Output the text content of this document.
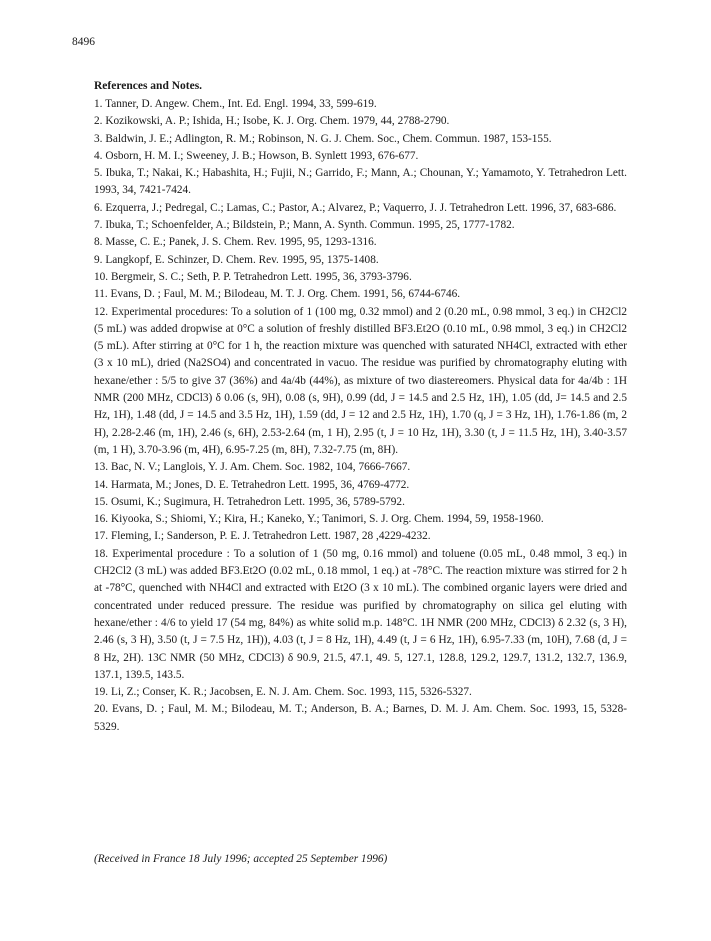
8496
References and Notes.
1. Tanner, D. Angew. Chem., Int. Ed. Engl. 1994, 33, 599-619.
2. Kozikowski, A. P.; Ishida, H.; Isobe, K. J. Org. Chem. 1979, 44, 2788-2790.
3. Baldwin, J. E.; Adlington, R. M.; Robinson, N. G. J. Chem. Soc., Chem. Commun. 1987, 153-155.
4. Osborn, H. M. I.; Sweeney, J. B.; Howson, B. Synlett 1993, 676-677.
5. Ibuka, T.; Nakai, K.; Habashita, H.; Fujii, N.; Garrido, F.; Mann, A.; Chounan, Y.; Yamamoto, Y. Tetrahedron Lett. 1993, 34, 7421-7424.
6. Ezquerra, J.; Pedregal, C.; Lamas, C.; Pastor, A.; Alvarez, P.; Vaquerro, J. J. Tetrahedron Lett. 1996, 37, 683-686.
7. Ibuka, T.; Schoenfelder, A.; Bildstein, P.; Mann, A. Synth. Commun. 1995, 25, 1777-1782.
8. Masse, C. E.; Panek, J. S. Chem. Rev. 1995, 95, 1293-1316.
9. Langkopf, E. Schinzer, D. Chem. Rev. 1995, 95, 1375-1408.
10. Bergmeir, S. C.; Seth, P. P. Tetrahedron Lett. 1995, 36, 3793-3796.
11. Evans, D. ; Faul, M. M.; Bilodeau, M. T. J. Org. Chem. 1991, 56, 6744-6746.
12. Experimental procedures: To a solution of 1 (100 mg, 0.32 mmol) and 2 (0.20 mL, 0.98 mmol, 3 eq.) in CH2Cl2 (5 mL) was added dropwise at 0°C a solution of freshly distilled BF3.Et2O (0.10 mL, 0.98 mmol, 3 eq.) in CH2Cl2 (5 mL). After stirring at 0°C for 1 h, the reaction mixture was quenched with saturated NH4Cl, extracted with ether (3 x 10 mL), dried (Na2SO4) and concentrated in vacuo. The residue was purified by chromatography eluting with hexane/ether : 5/5 to give 37 (36%) and 4a/4b (44%), as mixture of two diastereomers. Physical data for 4a/4b : 1H NMR (200 MHz, CDCl3) δ 0.06 (s, 9H), 0.08 (s, 9H), 0.99 (dd, J = 14.5 and 2.5 Hz, 1H), 1.05 (dd, J= 14.5 and 2.5 Hz, 1H), 1.48 (dd, J = 14.5 and 3.5 Hz, 1H), 1.59 (dd, J = 12 and 2.5 Hz, 1H), 1.70 (q, J = 3 Hz, 1H), 1.76-1.86 (m, 2 H), 2.28-2.46 (m, 1H), 2.46 (s, 6H), 2.53-2.64 (m, 1 H), 2.95 (t, J = 10 Hz, 1H), 3.30 (t, J = 11.5 Hz, 1H), 3.40-3.57 (m, 1 H), 3.70-3.96 (m, 4H), 6.95-7.25 (m, 8H), 7.32-7.75 (m, 8H).
13. Bac, N. V.; Langlois, Y. J. Am. Chem. Soc. 1982, 104, 7666-7667.
14. Harmata, M.; Jones, D. E. Tetrahedron Lett. 1995, 36, 4769-4772.
15. Osumi, K.; Sugimura, H. Tetrahedron Lett. 1995, 36, 5789-5792.
16. Kiyooka, S.; Shiomi, Y.; Kira, H.; Kaneko, Y.; Tanimori, S. J. Org. Chem. 1994, 59, 1958-1960.
17. Fleming, I.; Sanderson, P. E. J. Tetrahedron Lett. 1987, 28 ,4229-4232.
18. Experimental procedure : To a solution of 1 (50 mg, 0.16 mmol) and toluene (0.05 mL, 0.48 mmol, 3 eq.) in CH2Cl2 (3 mL) was added BF3.Et2O (0.02 mL, 0.18 mmol, 1 eq.) at -78°C. The reaction mixture was stirred for 2 h at -78°C, quenched with NH4Cl and extracted with Et2O (3 x 10 mL). The combined organic layers were dried and concentrated under reduced pressure. The residue was purified by chromatography on silica gel eluting with hexane/ether : 4/6 to yield 17 (54 mg, 84%) as white solid m.p. 148°C. 1H NMR (200 MHz, CDCl3) δ 2.32 (s, 3 H), 2.46 (s, 3 H), 3.50 (t, J = 7.5 Hz, 1H)), 4.03 (t, J = 8 Hz, 1H), 4.49 (t, J = 6 Hz, 1H), 6.95-7.33 (m, 10H), 7.68 (d, J = 8 Hz, 2H). 13C NMR (50 MHz, CDCl3) δ 90.9, 21.5, 47.1, 49. 5, 127.1, 128.8, 129.2, 129.7, 131.2, 132.7, 136.9, 137.1, 139.5, 143.5.
19. Li, Z.; Conser, K. R.; Jacobsen, E. N. J. Am. Chem. Soc. 1993, 115, 5326-5327.
20. Evans, D. ; Faul, M. M.; Bilodeau, M. T.; Anderson, B. A.; Barnes, D. M. J. Am. Chem. Soc. 1993, 15, 5328-5329.
(Received in France 18 July 1996; accepted 25 September 1996)
